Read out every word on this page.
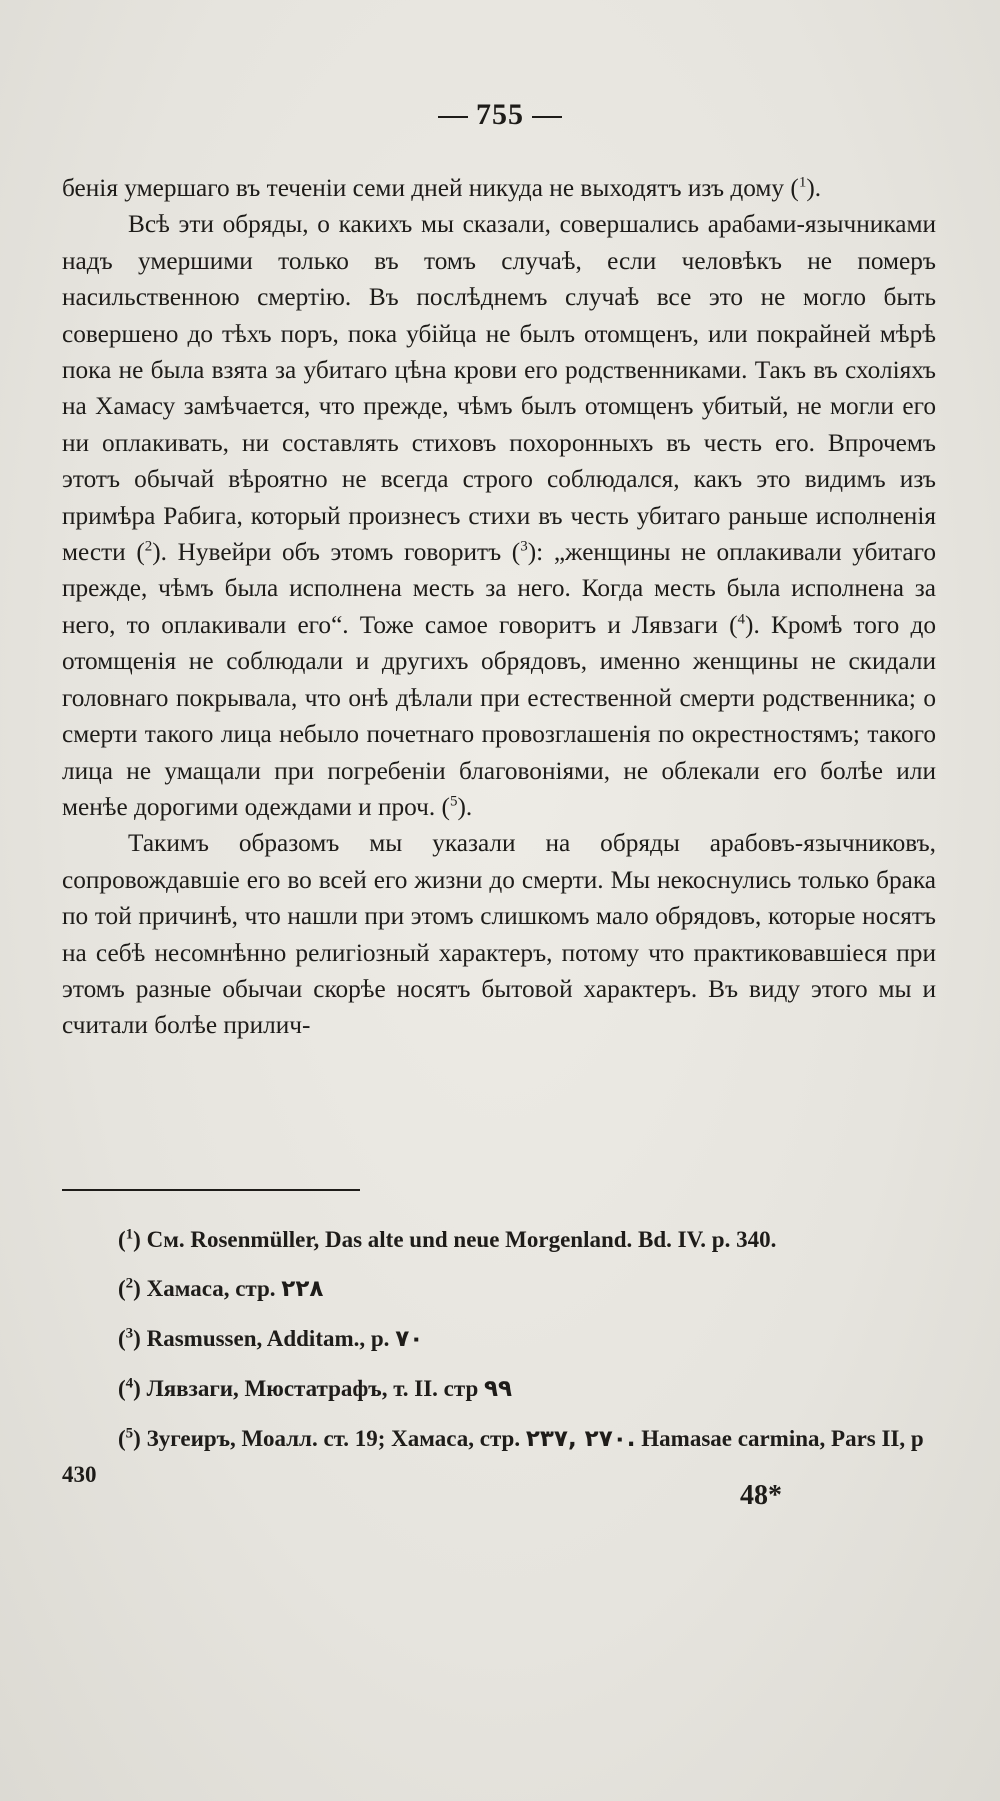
755

бенія умершаго въ теченіи семи дней никуда не выходятъ изъ дому ($^1$).

Всѣ эти обряды, о какихъ мы сказали, совершались арабами-язычниками надъ умершими только въ томъ случаѣ, если человѣкъ не померъ насильственною смертію. Въ послѣднемъ случаѣ все это не могло быть совершено до тѣхъ поръ, пока убійца не былъ отомщенъ, или покрайней мѣрѣ пока не была взята за убитаго цѣна крови его родственниками. Такъ въ схоліяхъ на Хамасу замѣчается, что прежде, чѣмъ былъ отомщенъ убитый, не могли его ни оплакивать, ни составлять стиховъ похоронныхъ въ честь его. Впрочемъ этотъ обычай вѣроятно не всегда строго соблюдался, какъ это видимъ изъ примѣра Рабига, который произнесъ стихи въ честь убитаго раньше исполненія мести ($^2$). Нувейри объ этомъ говоритъ ($^3$): „женщины не оплакивали убитаго прежде, чѣмъ была исполнена месть за него. Когда месть была исполнена за него, то оплакивали его“. Тоже самое говоритъ и Лявзаги ($^4$). Кромѣ того до отомщенія не соблюдали и другихъ обрядовъ, именно женщины не скидали головнаго покрывала, что онѣ дѣлали при естественной смерти родственника; о смерти такого лица небыло почетнаго провозглашенія по окрестностямъ; такого лица не умащали при погребеніи благовоніями, не облекали его болѣе или менѣе дорогими одеждами и проч. ($^5$).

Такимъ образомъ мы указали на обряды арабовъ-язычниковъ, сопровождавшіе его во всей его жизни до смерти. Мы некоснулись только брака по той причинѣ, что нашли при этомъ слишкомъ мало обрядовъ, которые носятъ на себѣ несомнѣнно религіозный характеръ, потому что практиковавшіеся при этомъ разные обычаи скорѣе носятъ бытовой характеръ. Въ виду этого мы и считали болѣе прилич-

($^1$) См. Rosenmüller, Das alte und neue Morgenland. Bd. IV. p. 340.

($^2$) Хамаса, стр. ۲۲۸

($^3$) Rasmussen, Additam., p. ۷۰

($^4$) Лявзаги, Мюстатрафъ, т. II. стр ۹۹

($^5$) Зугеиръ, Моалл. ст. 19; Хамаса, стр. ۲۳۷, ۲۷۰. Hamasae carmina, Pars II, p 430

48*
